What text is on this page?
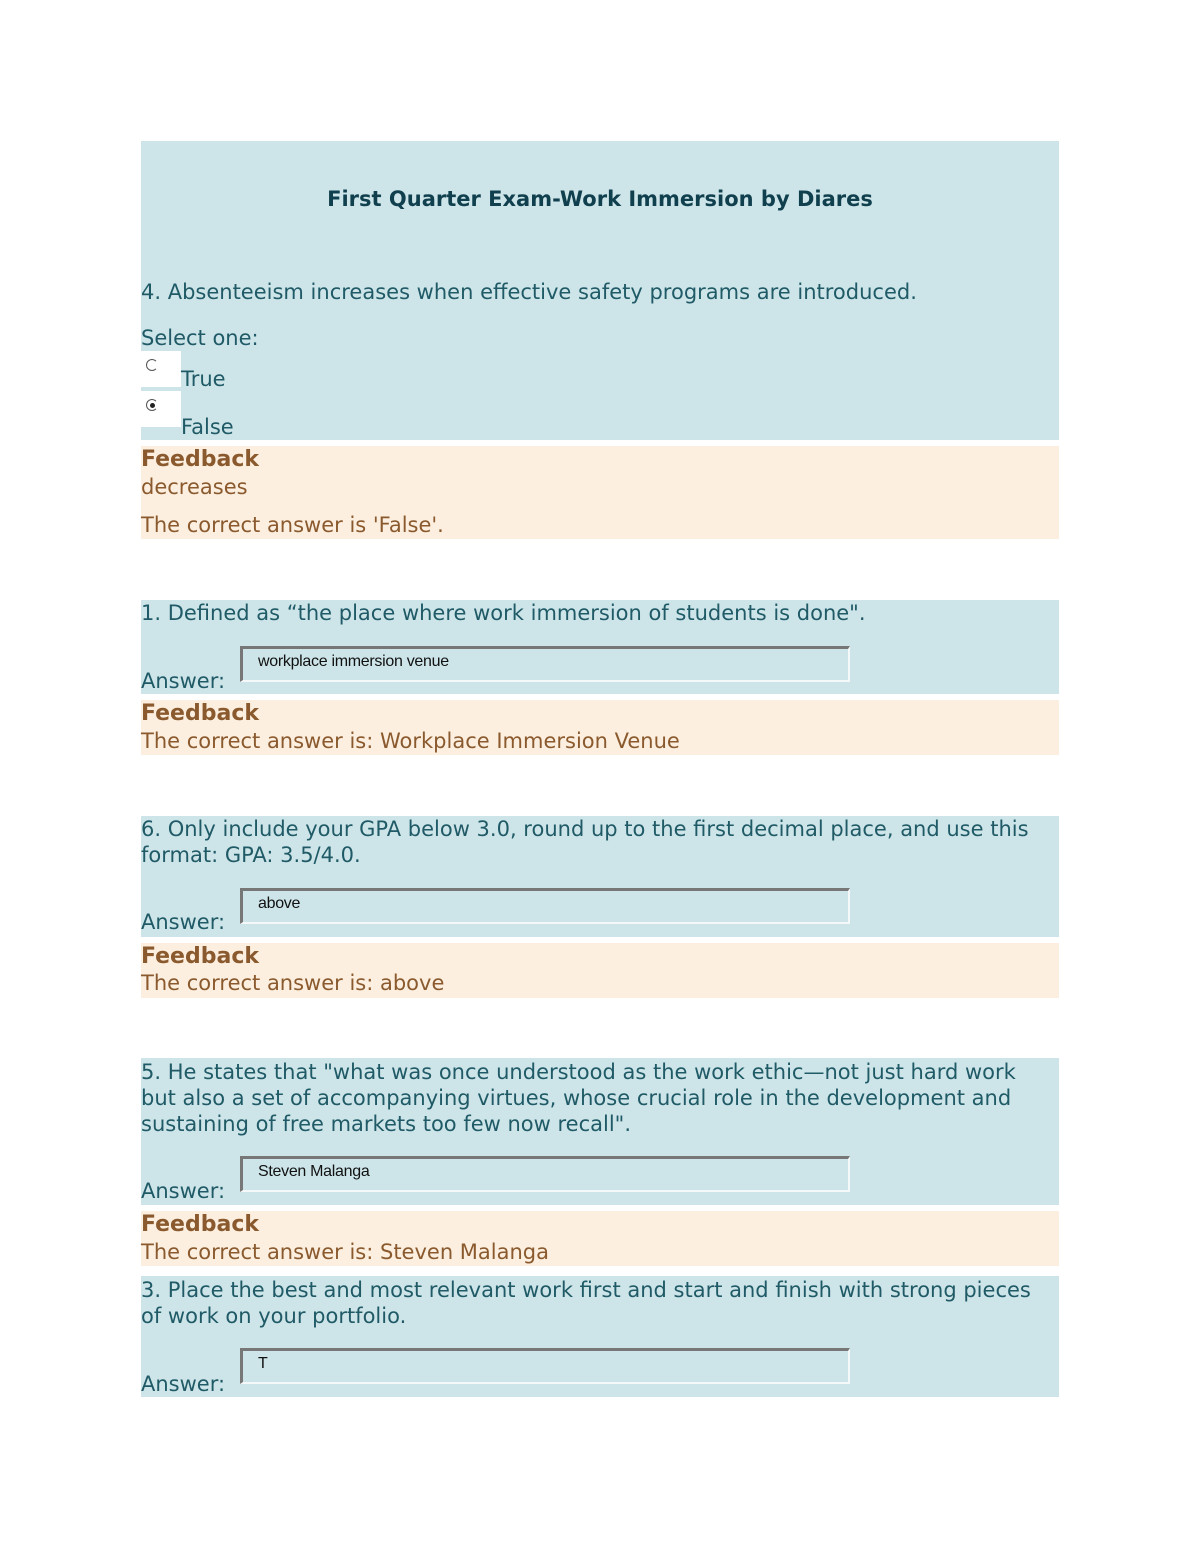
First Quarter Exam-Work Immersion by Diares
4. Absenteeism increases when effective safety programs are introduced.
Select one:
True
False
Feedback
decreases
The correct answer is 'False'.
1. Defined as “the place where work immersion of students is done".
Answer:
workplace immersion venue
Feedback
The correct answer is: Workplace Immersion Venue
6. Only include your GPA below 3.0, round up to the first decimal place, and use this format: GPA: 3.5/4.0.
Answer:
above
Feedback
The correct answer is: above
5. He states that "what was once understood as the work ethic—not just hard work but also a set of accompanying virtues, whose crucial role in the development and sustaining of free markets too few now recall".
Answer:
Steven Malanga
Feedback
The correct answer is: Steven Malanga
3. Place the best and most relevant work first and start and finish with strong pieces of work on your portfolio.
Answer:
T
